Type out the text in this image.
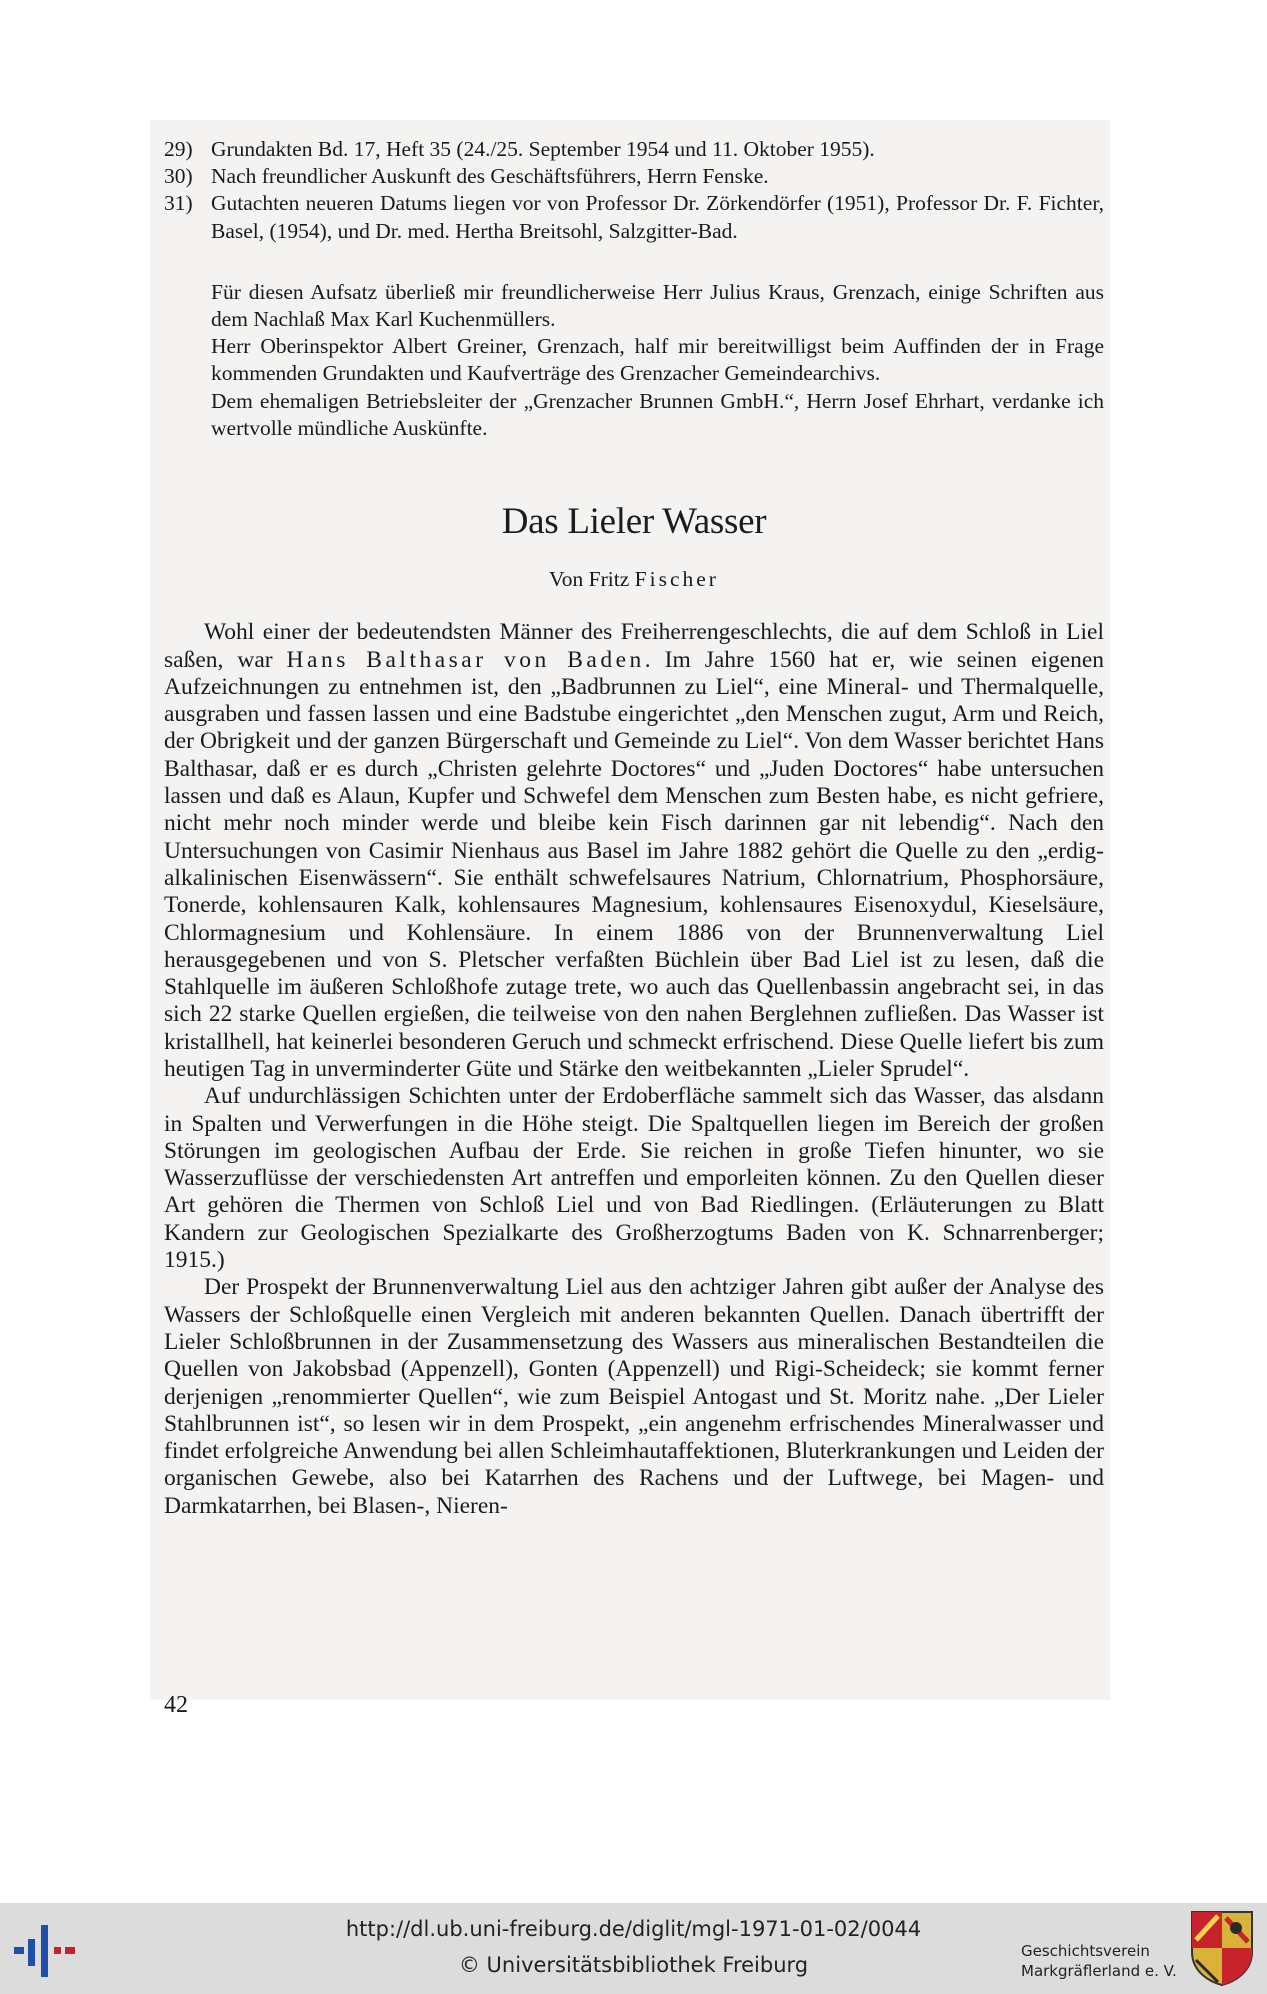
29) Grundakten Bd. 17, Heft 35 (24./25. September 1954 und 11. Oktober 1955).
30) Nach freundlicher Auskunft des Geschäftsführers, Herrn Fenske.
31) Gutachten neueren Datums liegen vor von Professor Dr. Zörkendörfer (1951), Professor Dr. F. Fichter, Basel, (1954), und Dr. med. Hertha Breitsohl, Salzgitter-Bad.

Für diesen Aufsatz überließ mir freundlicherweise Herr Julius Kraus, Grenzach, einige Schriften aus dem Nachlaß Max Karl Kuchenmüllers.

Herr Oberinspektor Albert Greiner, Grenzach, half mir bereitwilligst beim Auffinden der in Frage kommenden Grundakten und Kaufverträge des Grenzacher Gemeindearchivs.

Dem ehemaligen Betriebsleiter der „Grenzacher Brunnen GmbH.“, Herrn Josef Ehrhart, verdanke ich wertvolle mündliche Auskünfte.

Das Lieler Wasser
Von Fritz Fischer

Wohl einer der bedeutendsten Männer des Freiherrengeschlechts, die auf dem Schloß in Liel saßen, war Hans Balthasar von Baden. Im Jahre 1560 hat er, wie seinen eigenen Aufzeichnungen zu entnehmen ist, den „Badbrunnen zu Liel“, eine Mineral- und Thermalquelle, ausgraben und fassen lassen und eine Badstube eingerichtet „den Menschen zugut, Arm und Reich, der Obrigkeit und der ganzen Bürgerschaft und Gemeinde zu Liel“. Von dem Wasser berichtet Hans Balthasar, daß er es durch „Christen gelehrte Doctores“ und „Juden Doctores“ habe untersuchen lassen und daß es Alaun, Kupfer und Schwefel dem Menschen zum Besten habe, es nicht gefriere, nicht mehr noch minder werde und bleibe kein Fisch darinnen gar nit lebendig“. Nach den Untersuchungen von Casimir Nienhaus aus Basel im Jahre 1882 gehört die Quelle zu den „erdig-alkalinischen Eisenwässern“. Sie enthält schwefelsaures Natrium, Chlornatrium, Phosphorsäure, Tonerde, kohlensauren Kalk, kohlensaures Magnesium, kohlensaures Eisenoxydul, Kieselsäure, Chlormagnesium und Kohlensäure. In einem 1886 von der Brunnenverwaltung Liel herausgegebenen und von S. Pletscher verfaßten Büchlein über Bad Liel ist zu lesen, daß die Stahlquelle im äußeren Schloßhofe zutage trete, wo auch das Quellenbassin angebracht sei, in das sich 22 starke Quellen ergießen, die teilweise von den nahen Berglehnen zufließen. Das Wasser ist kristallhell, hat keinerlei besonderen Geruch und schmeckt erfrischend. Diese Quelle liefert bis zum heutigen Tag in unverminderter Güte und Stärke den weitbekannten „Lieler Sprudel“.

Auf undurchlässigen Schichten unter der Erdoberfläche sammelt sich das Wasser, das alsdann in Spalten und Verwerfungen in die Höhe steigt. Die Spaltquellen liegen im Bereich der großen Störungen im geologischen Aufbau der Erde. Sie reichen in große Tiefen hinunter, wo sie Wasserzuflüsse der verschiedensten Art antreffen und emporleiten können. Zu den Quellen dieser Art gehören die Thermen von Schloß Liel und von Bad Riedlingen. (Erläuterungen zu Blatt Kandern zur Geologischen Spezialkarte des Großherzogtums Baden von K. Schnarrenberger; 1915.)

Der Prospekt der Brunnenverwaltung Liel aus den achtziger Jahren gibt außer der Analyse des Wassers der Schloßquelle einen Vergleich mit anderen bekannten Quellen. Danach übertrifft der Lieler Schloßbrunnen in der Zusammensetzung des Wassers aus mineralischen Bestandteilen die Quellen von Jakobsbad (Appenzell), Gonten (Appenzell) und Rigi-Scheideck; sie kommt ferner derjenigen „renommierter Quellen“, wie zum Beispiel Antogast und St. Moritz nahe. „Der Lieler Stahlbrunnen ist“, so lesen wir in dem Prospekt, „ein angenehm erfrischendes Mineralwasser und findet erfolgreiche Anwendung bei allen Schleimhautaffektionen, Bluterkrankungen und Leiden der organischen Gewebe, also bei Katarrhen des Rachens und der Luftwege, bei Magen- und Darmkatarrhen, bei Blasen-, Nieren-

42
http://dl.ub.uni-freiburg.de/diglit/mgl-1971-01-02/0044
© Universitätsbibliothek Freiburg
Geschichtsverein
Markgräflerland e. V.
